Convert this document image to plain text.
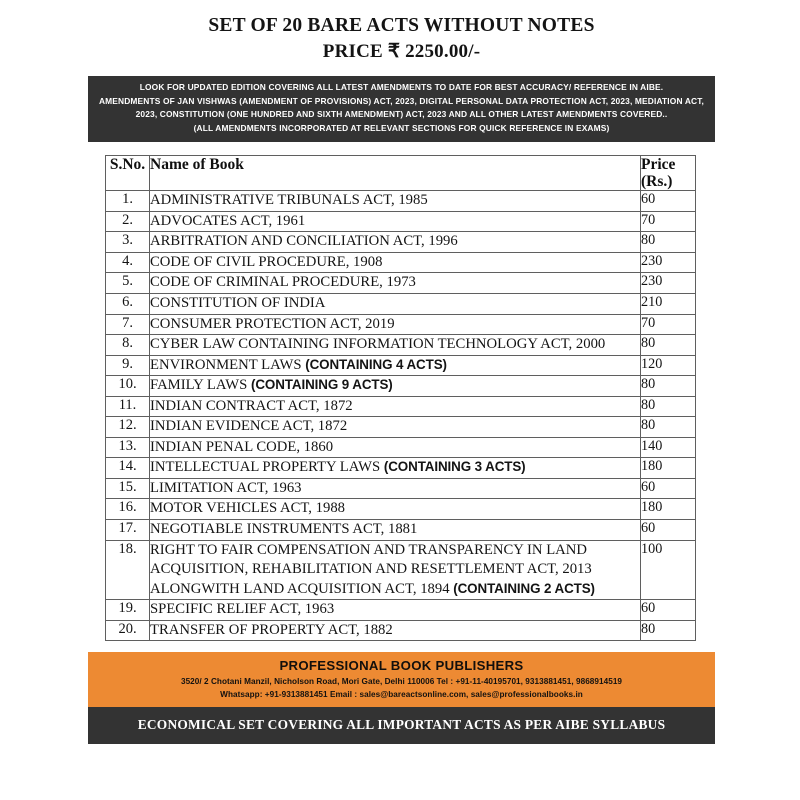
SET OF 20 BARE ACTS WITHOUT NOTES
PRICE ₹ 2250.00/-
LOOK FOR UPDATED EDITION COVERING ALL LATEST AMENDMENTS TO DATE FOR BEST ACCURACY/ REFERENCE IN AIBE.
AMENDMENTS OF JAN VISHWAS (AMENDMENT OF PROVISIONS) ACT, 2023, DIGITAL PERSONAL DATA PROTECTION ACT, 2023, MEDIATION ACT,
2023, CONSTITUTION (ONE HUNDRED AND SIXTH AMENDMENT) ACT, 2023 AND ALL OTHER LATEST AMENDMENTS COVERED..
(ALL AMENDMENTS INCORPORATED AT RELEVANT SECTIONS FOR QUICK REFERENCE IN EXAMS)
S.No.	Name of Book	Price
(Rs.)

1.	ADMINISTRATIVE TRIBUNALS ACT, 1985	60
2.	ADVOCATES ACT, 1961	70
3.	ARBITRATION AND CONCILIATION ACT, 1996	80
4.	CODE OF CIVIL PROCEDURE, 1908	230
5.	CODE OF CRIMINAL PROCEDURE, 1973	230
6.	CONSTITUTION OF INDIA	210
7.	CONSUMER PROTECTION ACT, 2019	70
8.	CYBER LAW CONTAINING INFORMATION TECHNOLOGY ACT, 2000	80
9.	ENVIRONMENT LAWS (CONTAINING 4 ACTS)	120
10.	FAMILY LAWS (CONTAINING 9 ACTS)	80
11.	INDIAN CONTRACT ACT, 1872	80
12.	INDIAN EVIDENCE ACT, 1872	80
13.	INDIAN PENAL CODE, 1860	140
14.	INTELLECTUAL PROPERTY LAWS (CONTAINING 3 ACTS)	180
15.	LIMITATION ACT, 1963	60
16.	MOTOR VEHICLES ACT, 1988	180
17.	NEGOTIABLE INSTRUMENTS ACT, 1881	60
18.	RIGHT TO FAIR COMPENSATION AND TRANSPARENCY IN LAND ACQUISITION, REHABILITATION AND RESETTLEMENT ACT, 2013 ALONGWITH LAND ACQUISITION ACT, 1894 (CONTAINING 2 ACTS)	100
19.	SPECIFIC RELIEF ACT, 1963	60
20.	TRANSFER OF PROPERTY ACT, 1882	80
PROFESSIONAL BOOK PUBLISHERS
3520/ 2 Chotani Manzil, Nicholson Road, Mori Gate, Delhi 110006 Tel : +91-11-40195701, 9313881451, 9868914519
Whatsapp: +91-9313881451 Email : sales@bareactsonline.com, sales@professionalbooks.in
ECONOMICAL SET COVERING ALL IMPORTANT ACTS AS PER AIBE SYLLABUS
